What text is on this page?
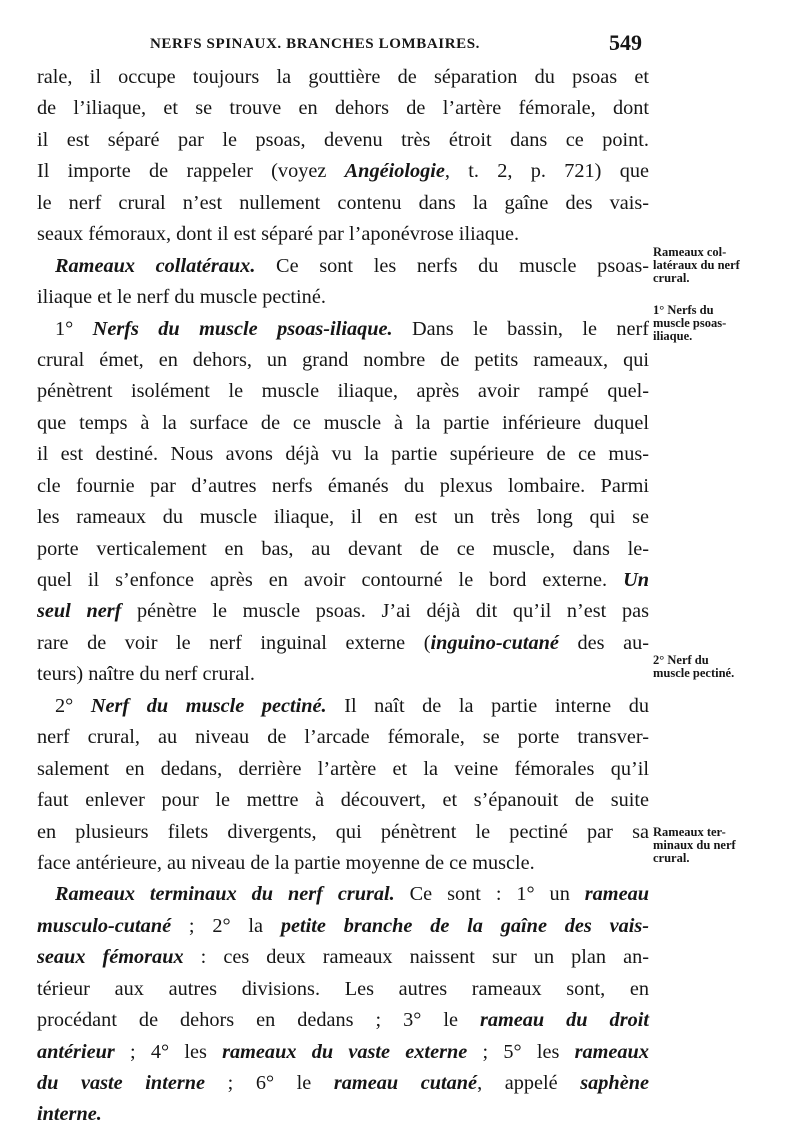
NERFS SPINAUX. BRANCHES LOMBAIRES.	549
rale, il occupe toujours la gouttière de séparation du psoas et
de l’iliaque, et se trouve en dehors de l’artère fémorale, dont
il est séparé par le psoas, devenu très étroit dans ce point.
Il importe de rappeler (voyez Angéiologie, t. 2, p. 721) que
le nerf crural n’est nullement contenu dans la gaîne des vais-
seaux fémoraux, dont il est séparé par l’aponévrose iliaque.
Rameaux collatéraux. Ce sont les nerfs du muscle psoas-
iliaque et le nerf du muscle pectiné.
1° Nerfs du muscle psoas-iliaque. Dans le bassin, le nerf
crural émet, en dehors, un grand nombre de petits rameaux, qui
pénètrent isolément le muscle iliaque, après avoir rampé quel-
que temps à la surface de ce muscle à la partie inférieure duquel
il est destiné. Nous avons déjà vu la partie supérieure de ce mus-
cle fournie par d’autres nerfs émanés du plexus lombaire. Parmi
les rameaux du muscle iliaque, il en est un très long qui se
porte verticalement en bas, au devant de ce muscle, dans le-
quel il s’enfonce après en avoir contourné le bord externe. Un
seul nerf pénètre le muscle psoas. J’ai déjà dit qu’il n’est pas
rare de voir le nerf inguinal externe (inguino-cutané des au-
teurs) naître du nerf crural.
2° Nerf du muscle pectiné. Il naît de la partie interne du
nerf crural, au niveau de l’arcade fémorale, se porte transver-
salement en dedans, derrière l’artère et la veine fémorales qu’il
faut enlever pour le mettre à découvert, et s’épanouit de suite
en plusieurs filets divergents, qui pénètrent le pectiné par sa
face antérieure, au niveau de la partie moyenne de ce muscle.
Rameaux terminaux du nerf crural. Ce sont : 1° un rameau
musculo-cutané ; 2° la petite branche de la gaîne des vais-
seaux fémoraux : ces deux rameaux naissent sur un plan an-
térieur aux autres divisions. Les autres rameaux sont, en
procédant de dehors en dedans ; 3° le rameau du droit
antérieur ; 4° les rameaux du vaste externe ; 5° les rameaux
du vaste interne ; 6° le rameau cutané, appelé saphène
interne.
Rameaux col-
latéraux du nerf
crural.
1° Nerfs du
muscle psoas-
iliaque.
2° Nerf du
muscle pectiné.
Rameaux ter-
minaux du nerf
crural.
